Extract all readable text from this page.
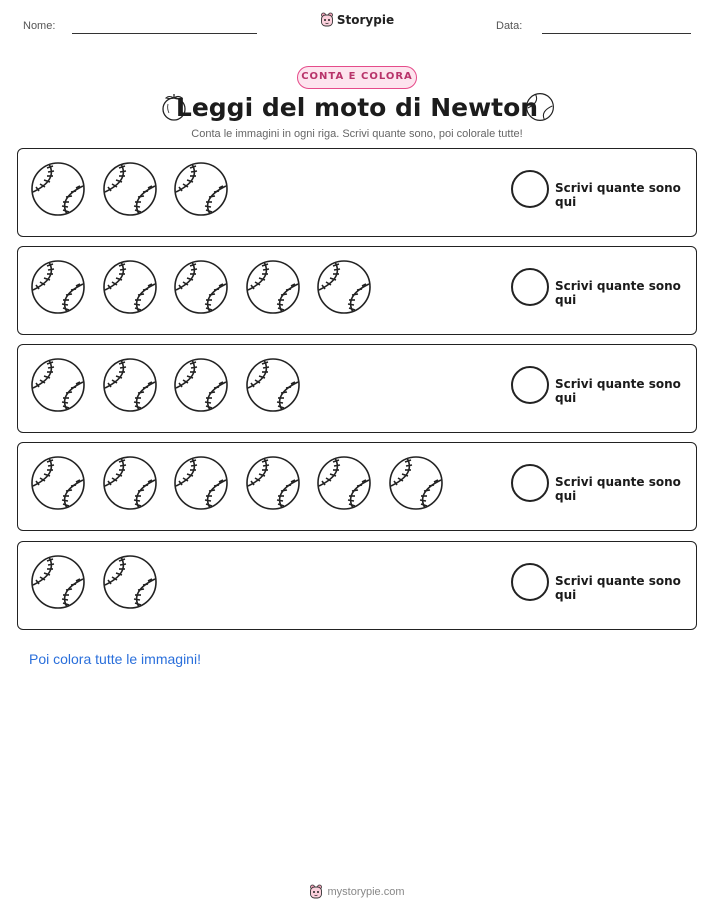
Nome:	Storypie	Data:
CONTA E COLORA
Leggi del moto di Newton
Conta le immagini in ogni riga. Scrivi quante sono, poi colorale tutte!
Scrivi quante sono qui
Scrivi quante sono qui
Scrivi quante sono qui
Scrivi quante sono qui
Scrivi quante sono qui
Poi colora tutte le immagini!
mystorypie.com
